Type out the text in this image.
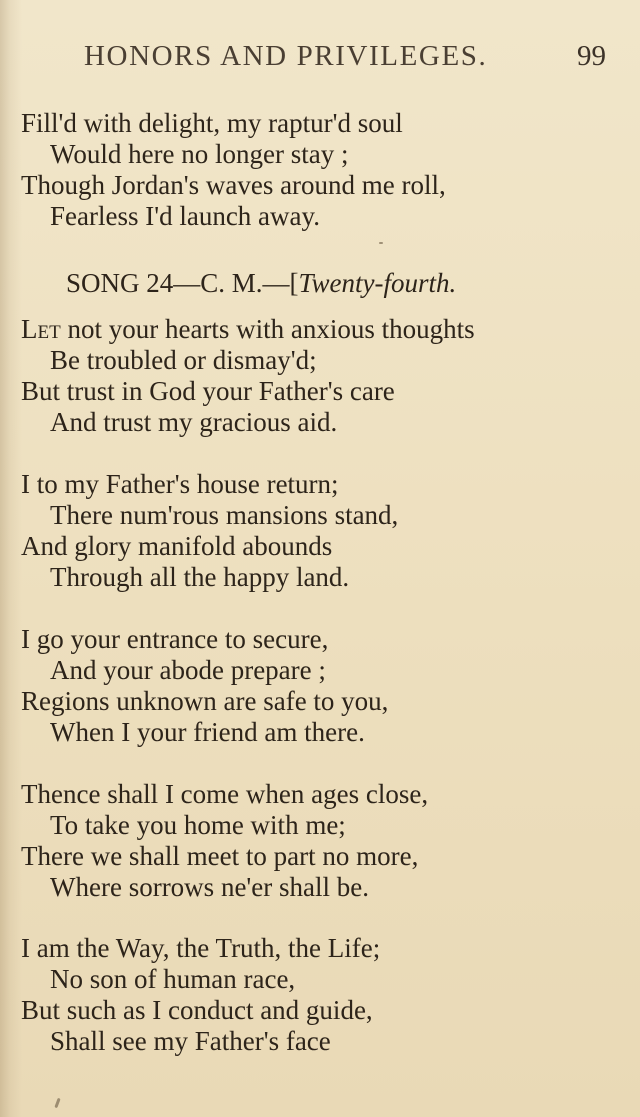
HONORS AND PRIVILEGES.	99
Fill'd with delight, my raptur'd soul
Would here no longer stay ;
Though Jordan's waves around me roll,
Fearless I'd launch away.
SONG 24—C. M.—[Twenty-fourth.
Let not your hearts with anxious thoughts
Be troubled or dismay'd;
But trust in God your Father's care
And trust my gracious aid.
I to my Father's house return;
There num'rous mansions stand,
And glory manifold abounds
Through all the happy land.
I go your entrance to secure,
And your abode prepare ;
Regions unknown are safe to you,
When I your friend am there.
Thence shall I come when ages close,
To take you home with me;
There we shall meet to part no more,
Where sorrows ne'er shall be.
I am the Way, the Truth, the Life;
No son of human race,
But such as I conduct and guide,
Shall see my Father's face
